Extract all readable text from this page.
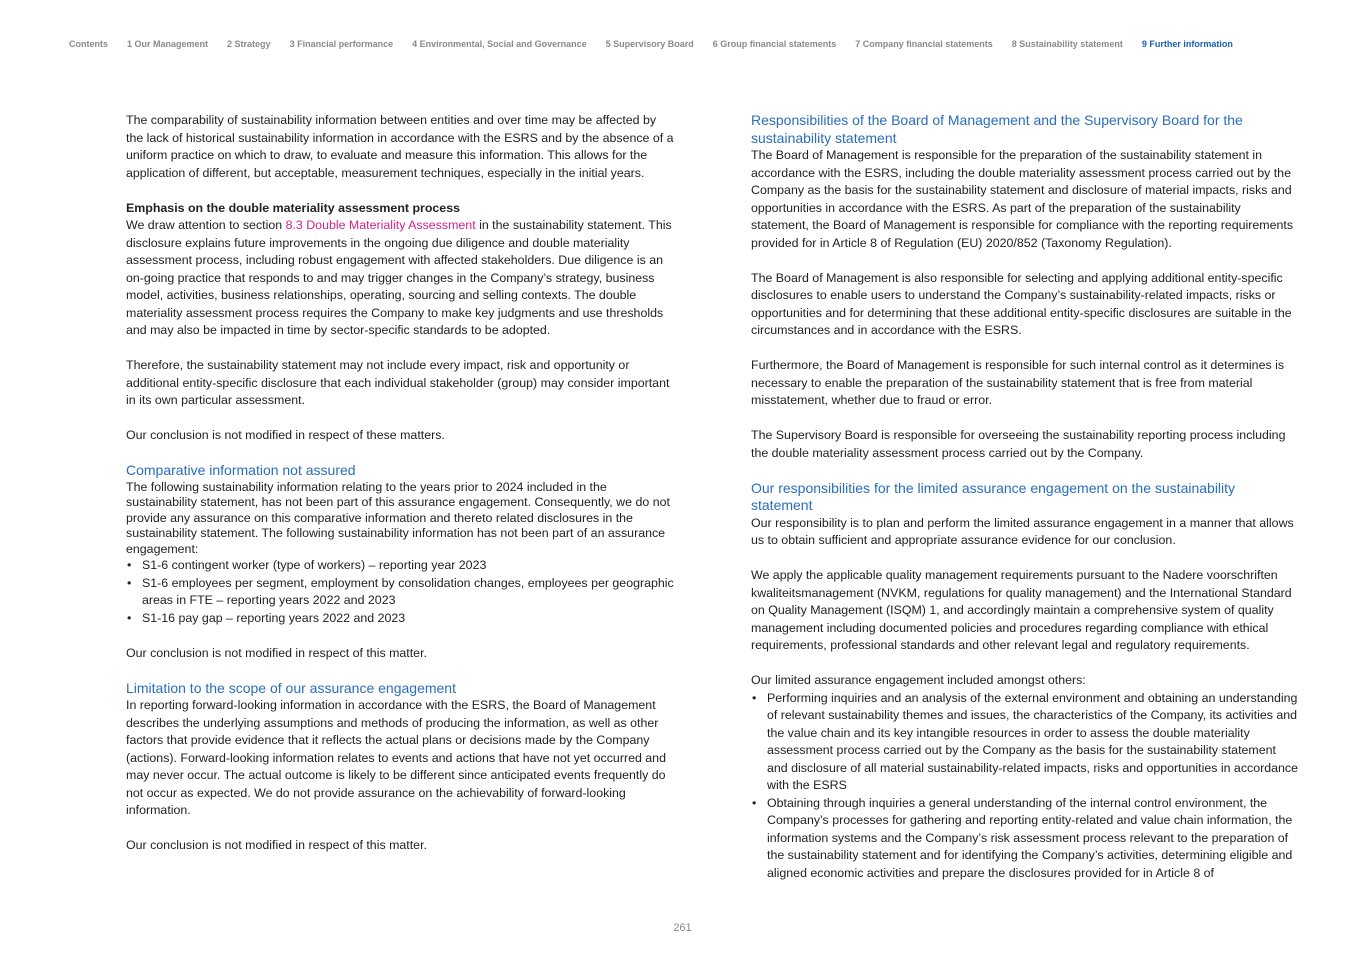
Contents 1 Our Management 2 Strategy 3 Financial performance 4 Environmental, Social and Governance 5 Supervisory Board 6 Group financial statements 7 Company financial statements 8 Sustainability statement 9 Further information

The comparability of sustainability information between entities and over time may be affected by the lack of historical sustainability information in accordance with the ESRS and by the absence of a uniform practice on which to draw, to evaluate and measure this information. This allows for the application of different, but acceptable, measurement techniques, especially in the initial years.

Emphasis on the double materiality assessment process

We draw attention to section 8.3 Double Materiality Assessment in the sustainability statement. This disclosure explains future improvements in the ongoing due diligence and double materiality assessment process, including robust engagement with affected stakeholders. Due diligence is an on-going practice that responds to and may trigger changes in the Company’s strategy, business model, activities, business relationships, operating, sourcing and selling contexts. The double materiality assessment process requires the Company to make key judgments and use thresholds and may also be impacted in time by sector-specific standards to be adopted.

Therefore, the sustainability statement may not include every impact, risk and opportunity or additional entity-specific disclosure that each individual stakeholder (group) may consider important in its own particular assessment.

Our conclusion is not modified in respect of these matters.

Comparative information not assured
The following sustainability information relating to the years prior to 2024 included in the sustainability statement, has not been part of this assurance engagement. Consequently, we do not provide any assurance on this comparative information and thereto related disclosures in the sustainability statement. The following sustainability information has not been part of an assurance engagement:
• S1-6 contingent worker (type of workers) – reporting year 2023
• S1-6 employees per segment, employment by consolidation changes, employees per geographic areas in FTE – reporting years 2022 and 2023
• S1-16 pay gap – reporting years 2022 and 2023

Our conclusion is not modified in respect of this matter.

Limitation to the scope of our assurance engagement

In reporting forward-looking information in accordance with the ESRS, the Board of Management describes the underlying assumptions and methods of producing the information, as well as other factors that provide evidence that it reflects the actual plans or decisions made by the Company (actions). Forward-looking information relates to events and actions that have not yet occurred and may never occur. The actual outcome is likely to be different since anticipated events frequently do not occur as expected. We do not provide assurance on the achievability of forward-looking information.

Our conclusion is not modified in respect of this matter.

Responsibilities of the Board of Management and the Supervisory Board for the sustainability statement

The Board of Management is responsible for the preparation of the sustainability statement in accordance with the ESRS, including the double materiality assessment process carried out by the Company as the basis for the sustainability statement and disclosure of material impacts, risks and opportunities in accordance with the ESRS. As part of the preparation of the sustainability statement, the Board of Management is responsible for compliance with the reporting requirements provided for in Article 8 of Regulation (EU) 2020/852 (Taxonomy Regulation).

The Board of Management is also responsible for selecting and applying additional entity-specific disclosures to enable users to understand the Company’s sustainability-related impacts, risks or opportunities and for determining that these additional entity-specific disclosures are suitable in the circumstances and in accordance with the ESRS.

Furthermore, the Board of Management is responsible for such internal control as it determines is necessary to enable the preparation of the sustainability statement that is free from material misstatement, whether due to fraud or error.

The Supervisory Board is responsible for overseeing the sustainability reporting process including the double materiality assessment process carried out by the Company.

Our responsibilities for the limited assurance engagement on the sustainability statement

Our responsibility is to plan and perform the limited assurance engagement in a manner that allows us to obtain sufficient and appropriate assurance evidence for our conclusion.

We apply the applicable quality management requirements pursuant to the Nadere voorschriften kwaliteitsmanagement (NVKM, regulations for quality management) and the International Standard on Quality Management (ISQM) 1, and accordingly maintain a comprehensive system of quality management including documented policies and procedures regarding compliance with ethical requirements, professional standards and other relevant legal and regulatory requirements.

Our limited assurance engagement included amongst others:
• Performing inquiries and an analysis of the external environment and obtaining an understanding of relevant sustainability themes and issues, the characteristics of the Company, its activities and the value chain and its key intangible resources in order to assess the double materiality assessment process carried out by the Company as the basis for the sustainability statement and disclosure of all material sustainability-related impacts, risks and opportunities in accordance with the ESRS
• Obtaining through inquiries a general understanding of the internal control environment, the Company’s processes for gathering and reporting entity-related and value chain information, the information systems and the Company’s risk assessment process relevant to the preparation of the sustainability statement and for identifying the Company’s activities, determining eligible and aligned economic activities and prepare the disclosures provided for in Article 8 of
261
